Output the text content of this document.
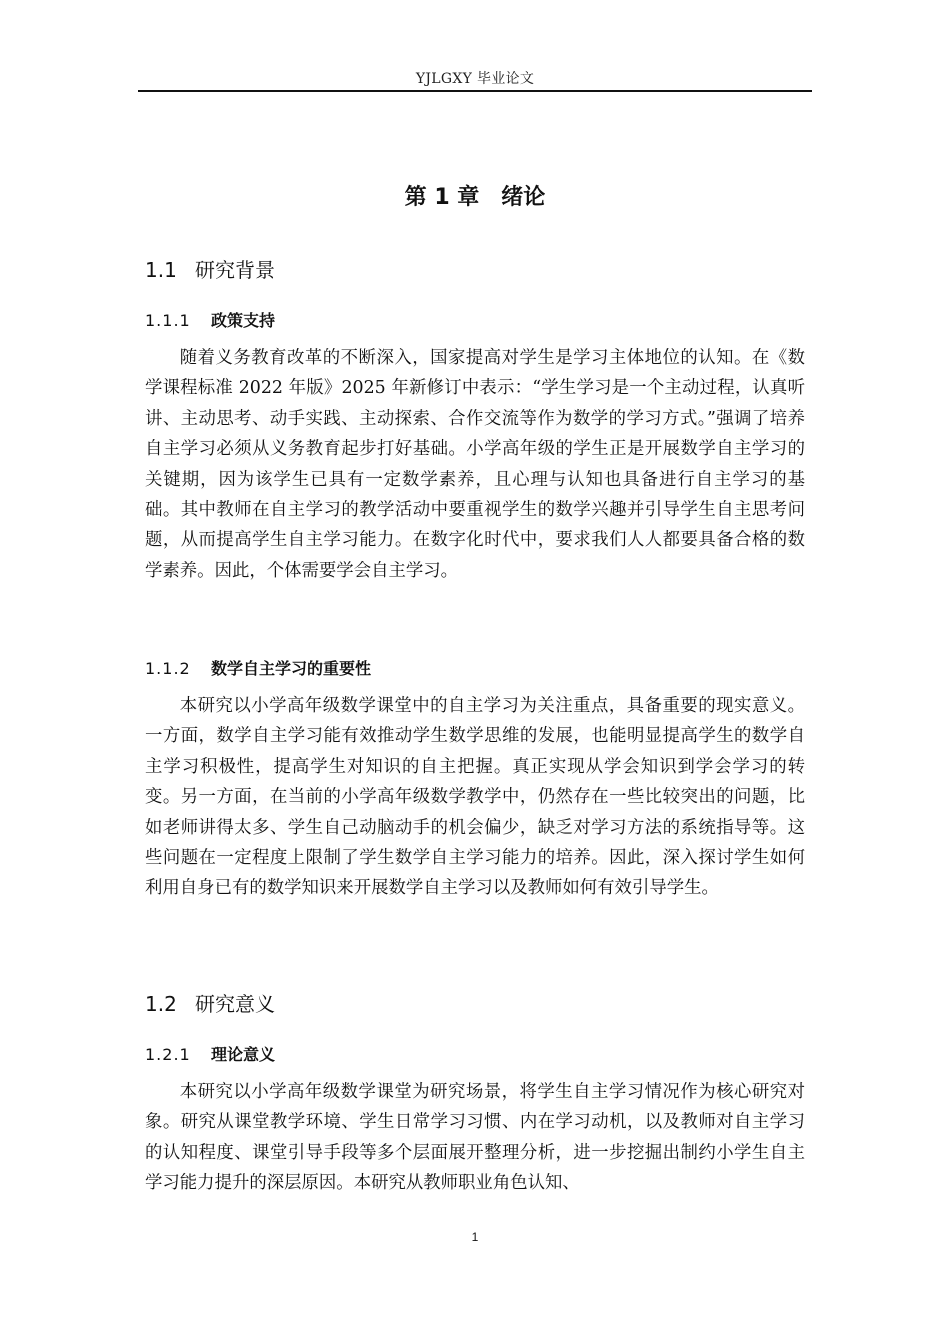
YJLGXY 毕业论文
第 1 章　绪论
1.1 研究背景
1.1.1 政策支持

随着义务教育改革的不断深入，国家提高对学生是学习主体地位的认知。在《数学课程标准 2022 年版》2025 年新修订中表示：“学生学习是一个主动过程，认真听讲、主动思考、动手实践、主动探索、合作交流等作为数学的学习方式。”强调了培养自主学习必须从义务教育起步打好基础。小学高年级的学生正是开展数学自主学习的关键期，因为该学生已具有一定数学素养，且心理与认知也具备进行自主学习的基础。其中教师在自主学习的教学活动中要重视学生的数学兴趣并引导学生自主思考问题，从而提高学生自主学习能力。在数字化时代中，要求我们人人都要具备合格的数学素养。因此，个体需要学会自主学习。

1.1.2 数学自主学习的重要性

本研究以小学高年级数学课堂中的自主学习为关注重点，具备重要的现实意义。一方面，数学自主学习能有效推动学生数学思维的发展，也能明显提高学生的数学自主学习积极性，提高学生对知识的自主把握。真正实现从学会知识到学会学习的转变。另一方面，在当前的小学高年级数学教学中，仍然存在一些比较突出的问题，比如老师讲得太多、学生自己动脑动手的机会偏少，缺乏对学习方法的系统指导等。这些问题在一定程度上限制了学生数学自主学习能力的培养。因此，深入探讨学生如何利用自身已有的数学知识来开展数学自主学习以及教师如何有效引导学生。

1.2 研究意义
1.2.1 理论意义

本研究以小学高年级数学课堂为研究场景，将学生自主学习情况作为核心研究对象。研究从课堂教学环境、学生日常学习习惯、内在学习动机，以及教师对自主学习的认知程度、课堂引导手段等多个层面展开整理分析，进一步挖掘出制约小学生自主学习能力提升的深层原因。本研究从教师职业角色认知、

1
